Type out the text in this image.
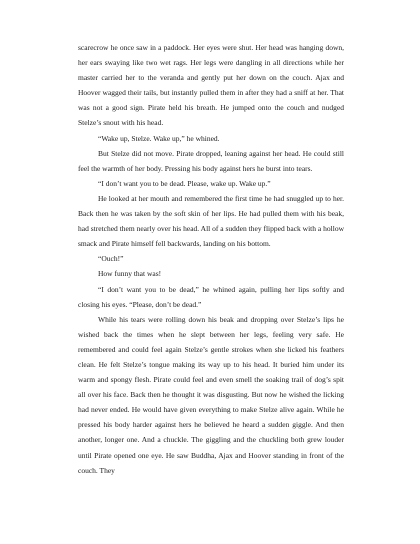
scarecrow he once saw in a paddock. Her eyes were shut. Her head was hanging down, her ears swaying like two wet rags. Her legs were dangling in all directions while her master carried her to the veranda and gently put her down on the couch. Ajax and Hoover wagged their tails, but instantly pulled them in after they had a sniff at her. That was not a good sign. Pirate held his breath. He jumped onto the couch and nudged Stelze’s snout with his head.

“Wake up, Stelze. Wake up,” he whined.

But Stelze did not move. Pirate dropped, leaning against her head. He could still feel the warmth of her body. Pressing his body against hers he burst into tears.

“I don’t want you to be dead. Please, wake up. Wake up.”

He looked at her mouth and remembered the first time he had snuggled up to her. Back then he was taken by the soft skin of her lips. He had pulled them with his beak, had stretched them nearly over his head. All of a sudden they flipped back with a hollow smack and Pirate himself fell backwards, landing on his bottom.

“Ouch!”

How funny that was!

“I don’t want you to be dead,” he whined again, pulling her lips softly and closing his eyes. “Please, don’t be dead.”

While his tears were rolling down his beak and dropping over Stelze’s lips he wished back the times when he slept between her legs, feeling very safe. He remembered and could feel again Stelze’s gentle strokes when she licked his feathers clean. He felt Stelze’s tongue making its way up to his head. It buried him under its warm and spongy flesh. Pirate could feel and even smell the soaking trail of dog’s spit all over his face. Back then he thought it was disgusting. But now he wished the licking had never ended. He would have given everything to make Stelze alive again. While he pressed his body harder against hers he believed he heard a sudden giggle. And then another, longer one. And a chuckle. The giggling and the chuckling both grew louder until Pirate opened one eye. He saw Buddha, Ajax and Hoover standing in front of the couch. They
